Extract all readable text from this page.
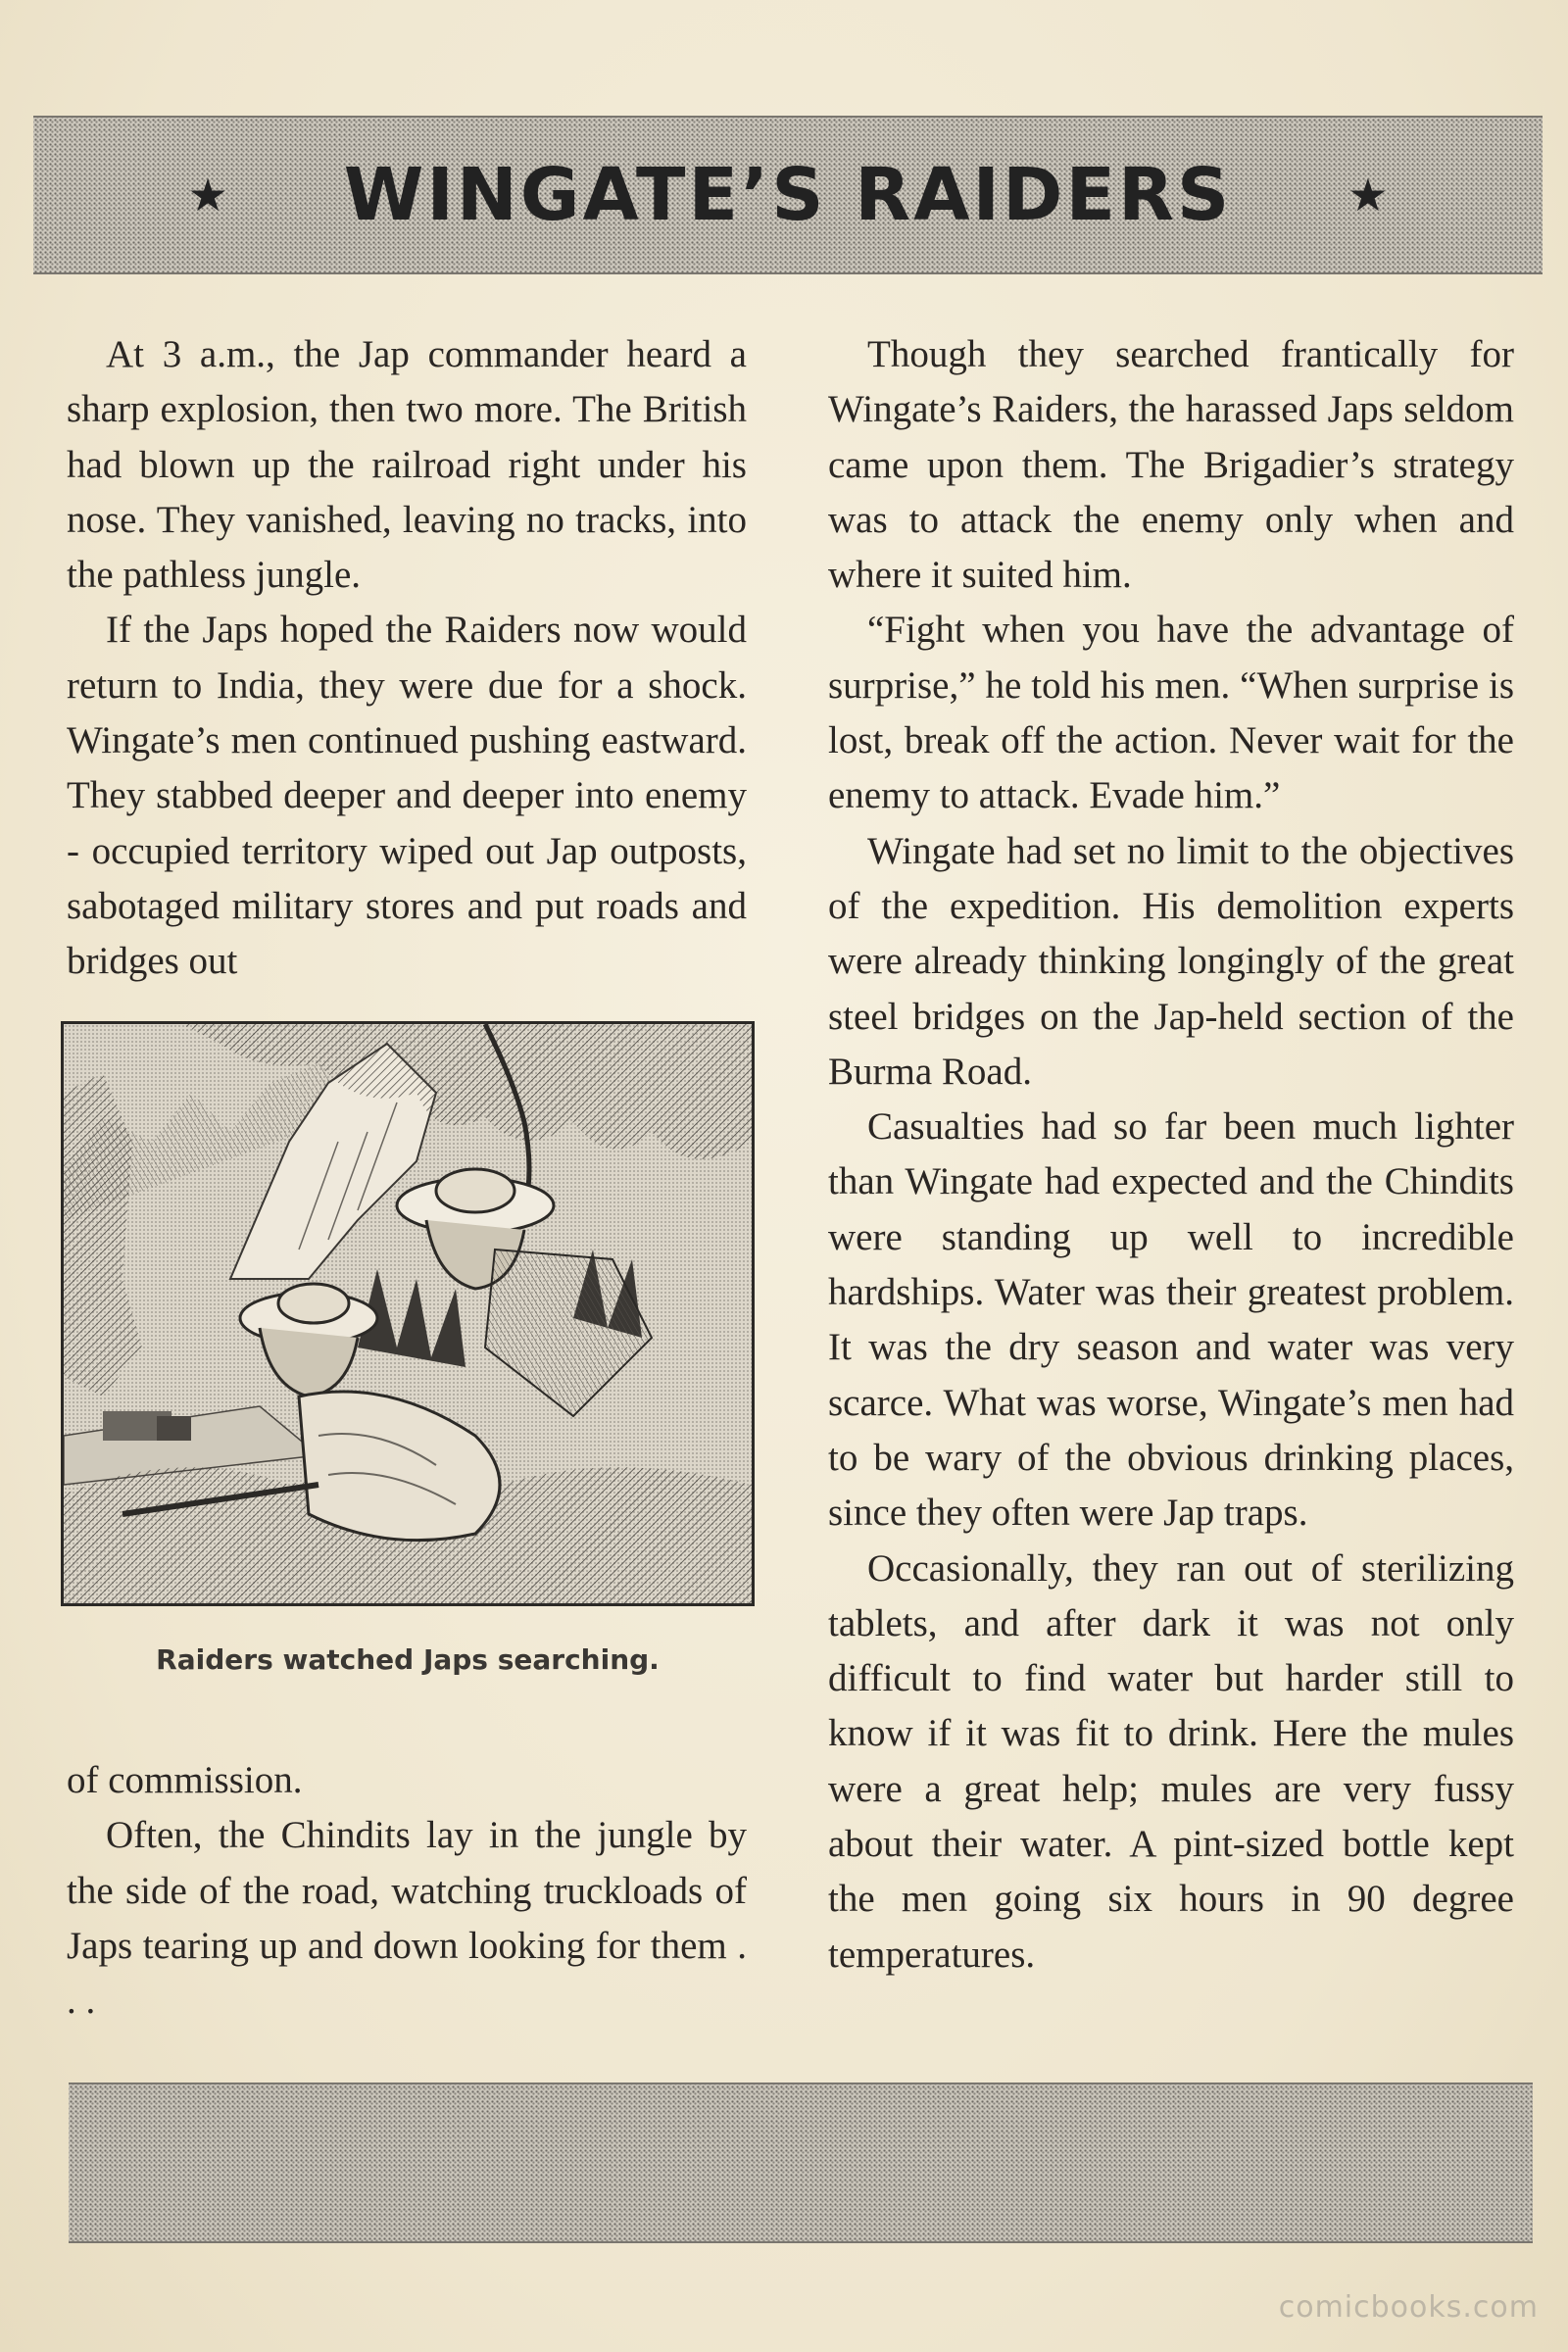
★ WINGATE’S RAIDERS	★

At 3 a.m., the Jap commander heard a sharp explosion, then two more. The British had blown up the railroad right under his nose. They vanished, leaving no tracks, into the pathless jungle.

If the Japs hoped the Raiders now would return to India, they were due for a shock. Wingate’s men continued pushing eastward. They stabbed deeper and deeper into enemy - occupied territory wiped out Jap outposts, sabotaged military stores and put roads and bridges out

Raiders watched Japs searching.

of commission.

Often, the Chindits lay in the jungle by the side of the road, watching truckloads of Japs tearing up and down looking for them . . .

Though they searched frantically for Wingate’s Raiders, the harassed Japs seldom came upon them. The Brigadier’s strategy was to attack the enemy only when and where it suited him.

“Fight when you have the advantage of surprise,” he told his men. “When surprise is lost, break off the action. Never wait for the enemy to attack. Evade him.”

Wingate had set no limit to the objectives of the expedition. His demolition experts were already thinking longingly of the great steel bridges on the Jap-held section of the Burma Road.

Casualties had so far been much lighter than Wingate had expected and the Chindits were standing up well to incredible hardships. Water was their greatest problem. It was the dry season and water was very scarce. What was worse, Wingate’s men had to be wary of the obvious drinking places, since they often were Jap traps.

Occasionally, they ran out of sterilizing tablets, and after dark it was not only difficult to find water but harder still to know if it was fit to drink. Here the mules were a great help; mules are very fussy about their water. A pint-sized bottle kept the men going six hours in 90 degree temperatures.

comicbooks.com
